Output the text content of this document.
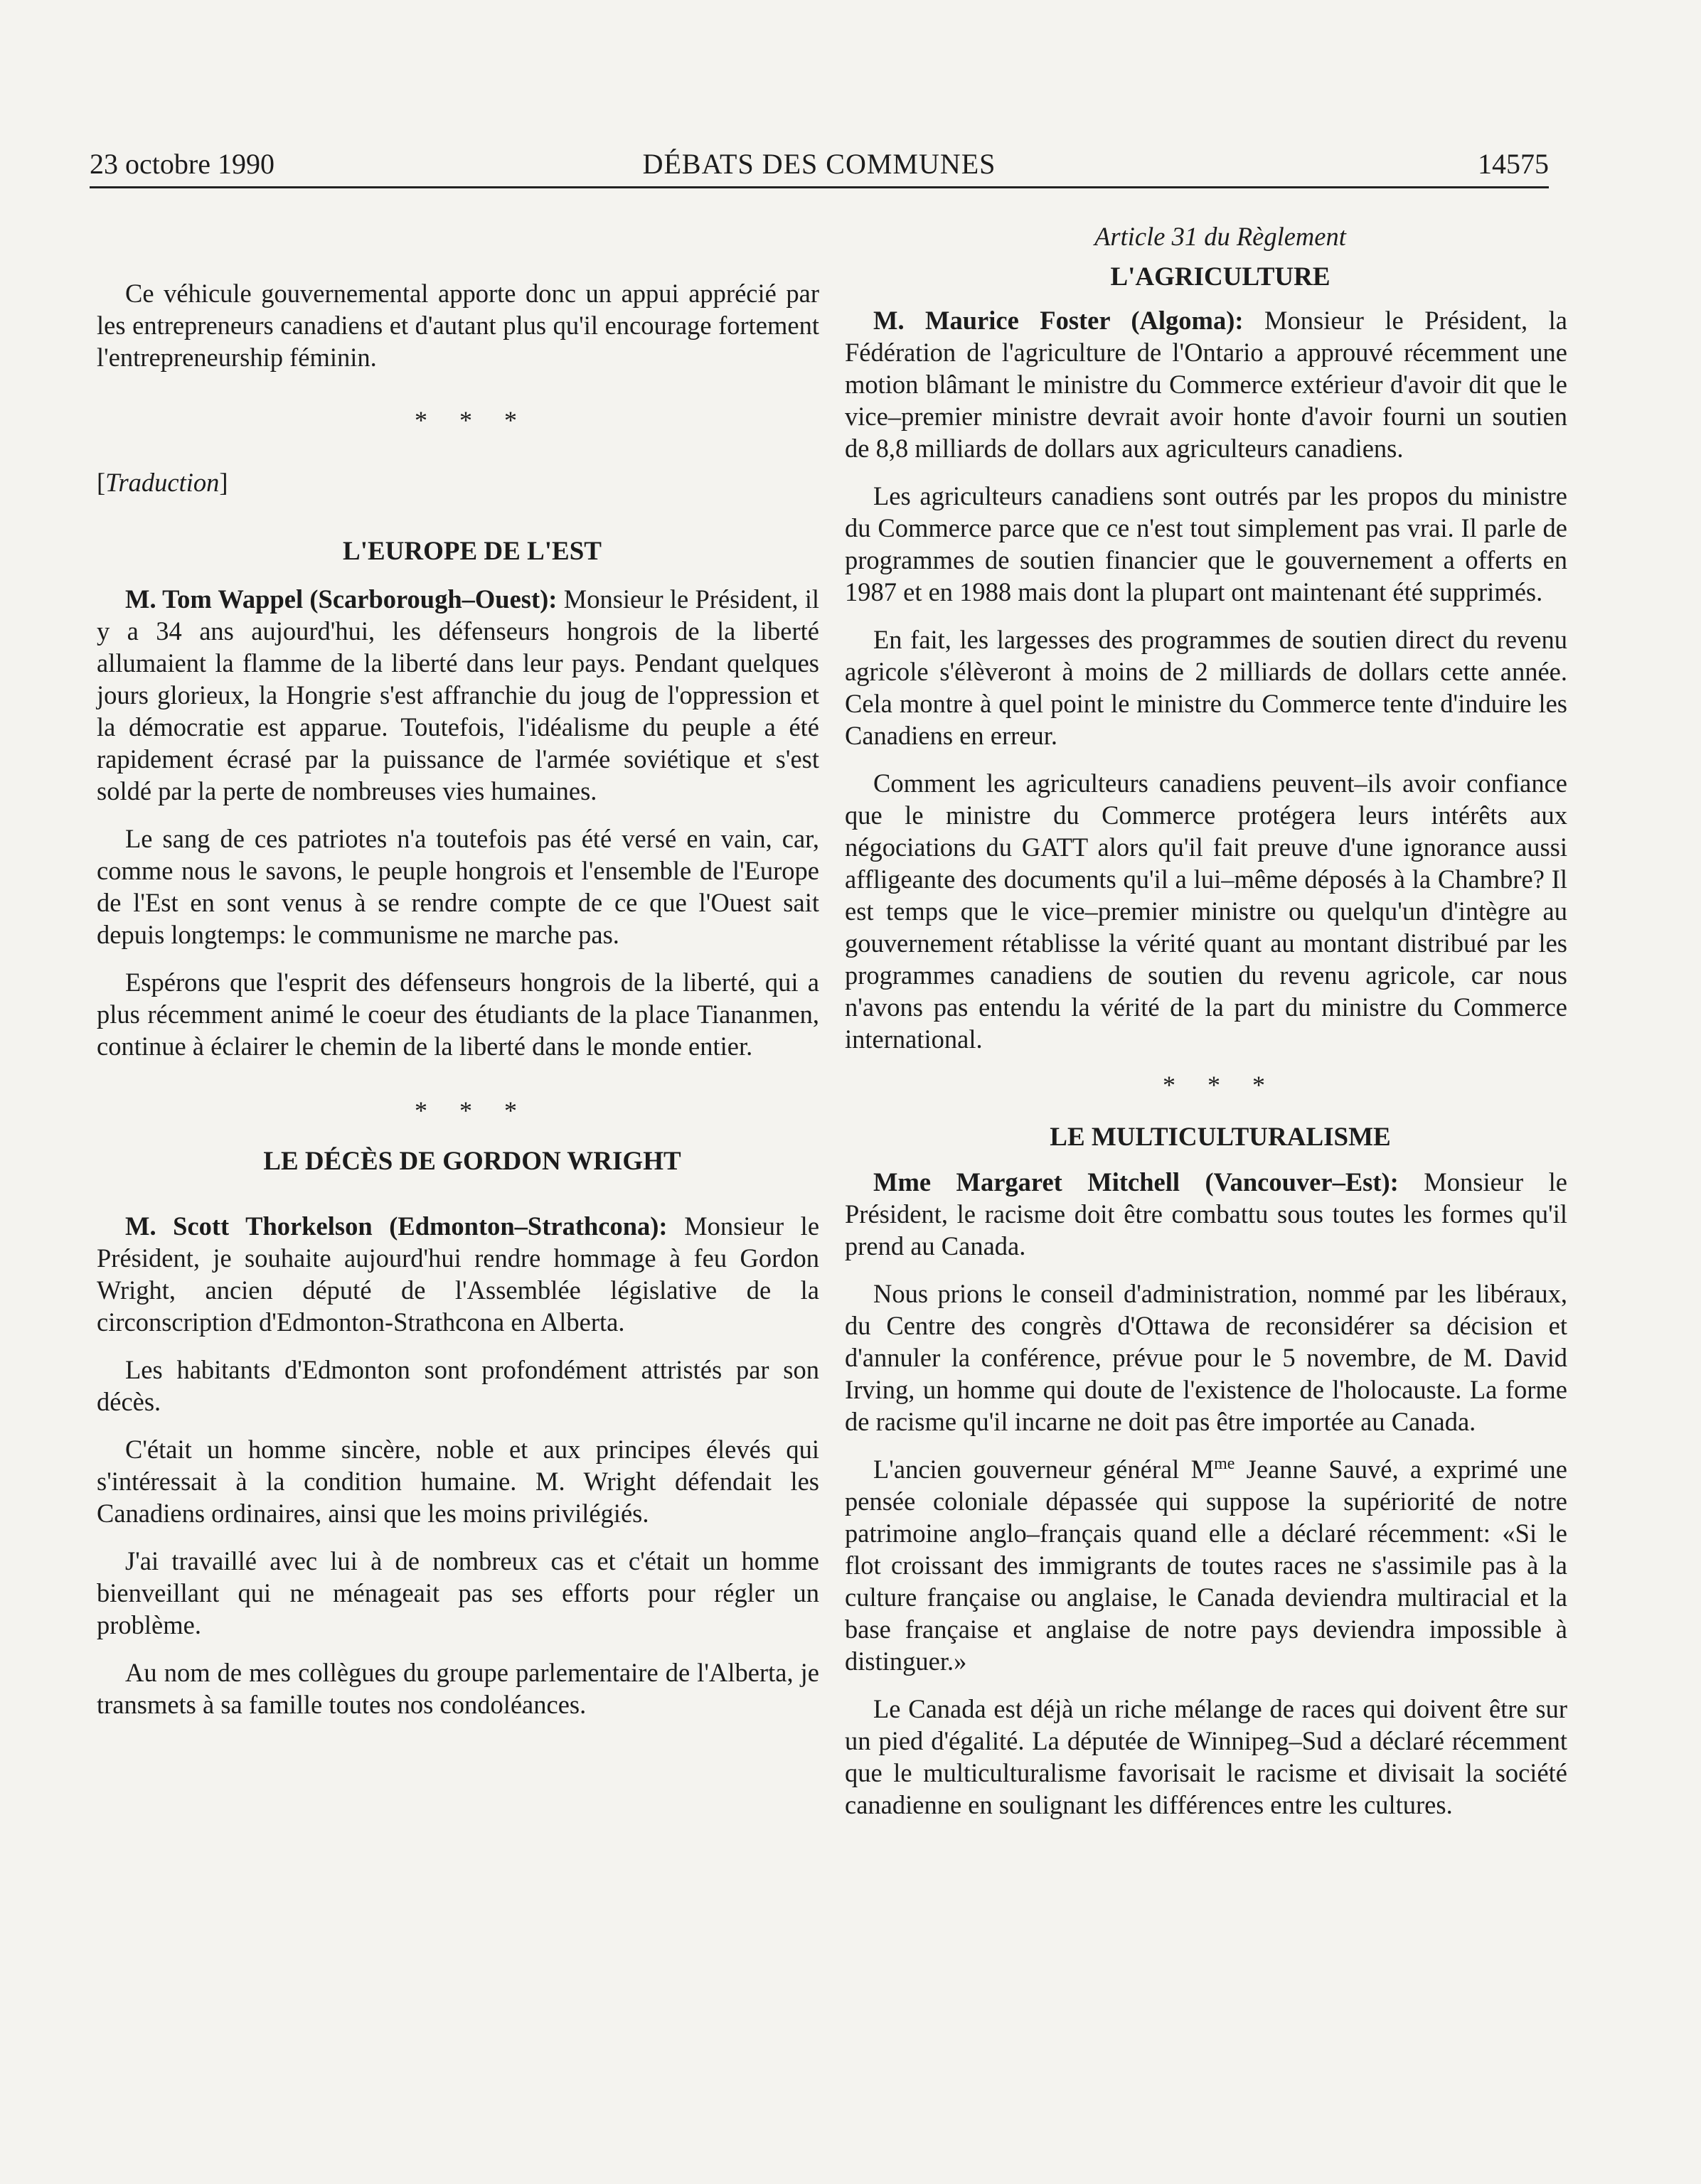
23 octobre 1990	DÉBATS DES COMMUNES	14575

Ce véhicule gouvernemental apporte donc un appui apprécié par les entrepreneurs canadiens et d'autant plus qu'il encourage fortement l'entrepreneurship féminin.

* * *

[Traduction]

L'EUROPE DE L'EST

M. Tom Wappel (Scarborough–Ouest): Monsieur le Président, il y a 34 ans aujourd'hui, les défenseurs hongrois de la liberté allumaient la flamme de la liberté dans leur pays. Pendant quelques jours glorieux, la Hongrie s'est affranchie du joug de l'oppression et la démocratie est apparue. Toutefois, l'idéalisme du peuple a été rapidement écrasé par la puissance de l'armée soviétique et s'est soldé par la perte de nombreuses vies humaines.

Le sang de ces patriotes n'a toutefois pas été versé en vain, car, comme nous le savons, le peuple hongrois et l'ensemble de l'Europe de l'Est en sont venus à se rendre compte de ce que l'Ouest sait depuis longtemps: le communisme ne marche pas.

Espérons que l'esprit des défenseurs hongrois de la liberté, qui a plus récemment animé le coeur des étudiants de la place Tiananmen, continue à éclairer le chemin de la liberté dans le monde entier.

* * *

LE DÉCÈS DE GORDON WRIGHT

M. Scott Thorkelson (Edmonton–Strathcona): Monsieur le Président, je souhaite aujourd'hui rendre hommage à feu Gordon Wright, ancien député de l'Assemblée législative de la circonscription d'Edmonton-Strathcona en Alberta.

Les habitants d'Edmonton sont profondément attristés par son décès.

C'était un homme sincère, noble et aux principes élevés qui s'intéressait à la condition humaine. M. Wright défendait les Canadiens ordinaires, ainsi que les moins privilégiés.

J'ai travaillé avec lui à de nombreux cas et c'était un homme bienveillant qui ne ménageait pas ses efforts pour régler un problème.

Au nom de mes collègues du groupe parlementaire de l'Alberta, je transmets à sa famille toutes nos condoléances.

Article 31 du Règlement

L'AGRICULTURE

M. Maurice Foster (Algoma): Monsieur le Président, la Fédération de l'agriculture de l'Ontario a approuvé récemment une motion blâmant le ministre du Commerce extérieur d'avoir dit que le vice–premier ministre devrait avoir honte d'avoir fourni un soutien de 8,8 milliards de dollars aux agriculteurs canadiens.

Les agriculteurs canadiens sont outrés par les propos du ministre du Commerce parce que ce n'est tout simplement pas vrai. Il parle de programmes de soutien financier que le gouvernement a offerts en 1987 et en 1988 mais dont la plupart ont maintenant été supprimés.

En fait, les largesses des programmes de soutien direct du revenu agricole s'élèveront à moins de 2 milliards de dollars cette année. Cela montre à quel point le ministre du Commerce tente d'induire les Canadiens en erreur.

Comment les agriculteurs canadiens peuvent–ils avoir confiance que le ministre du Commerce protégera leurs intérêts aux négociations du GATT alors qu'il fait preuve d'une ignorance aussi affligeante des documents qu'il a lui–même déposés à la Chambre? Il est temps que le vice–premier ministre ou quelqu'un d'intègre au gouvernement rétablisse la vérité quant au montant distribué par les programmes canadiens de soutien du revenu agricole, car nous n'avons pas entendu la vérité de la part du ministre du Commerce international.

* * *

LE MULTICULTURALISME

Mme Margaret Mitchell (Vancouver–Est): Monsieur le Président, le racisme doit être combattu sous toutes les formes qu'il prend au Canada.

Nous prions le conseil d'administration, nommé par les libéraux, du Centre des congrès d'Ottawa de reconsidérer sa décision et d'annuler la conférence, prévue pour le 5 novembre, de M. David Irving, un homme qui doute de l'existence de l'holocauste. La forme de racisme qu'il incarne ne doit pas être importée au Canada.

L'ancien gouverneur général $M^{me}$ Jeanne Sauvé, a exprimé une pensée coloniale dépassée qui suppose la supériorité de notre patrimoine anglo–français quand elle a déclaré récemment: «Si le flot croissant des immigrants de toutes races ne s'assimile pas à la culture française ou anglaise, le Canada deviendra multiracial et la base française et anglaise de notre pays deviendra impossible à distinguer.»

Le Canada est déjà un riche mélange de races qui doivent être sur un pied d'égalité. La députée de Winnipeg–Sud a déclaré récemment que le multiculturalisme favorisait le racisme et divisait la société canadienne en soulignant les différences entre les cultures.
